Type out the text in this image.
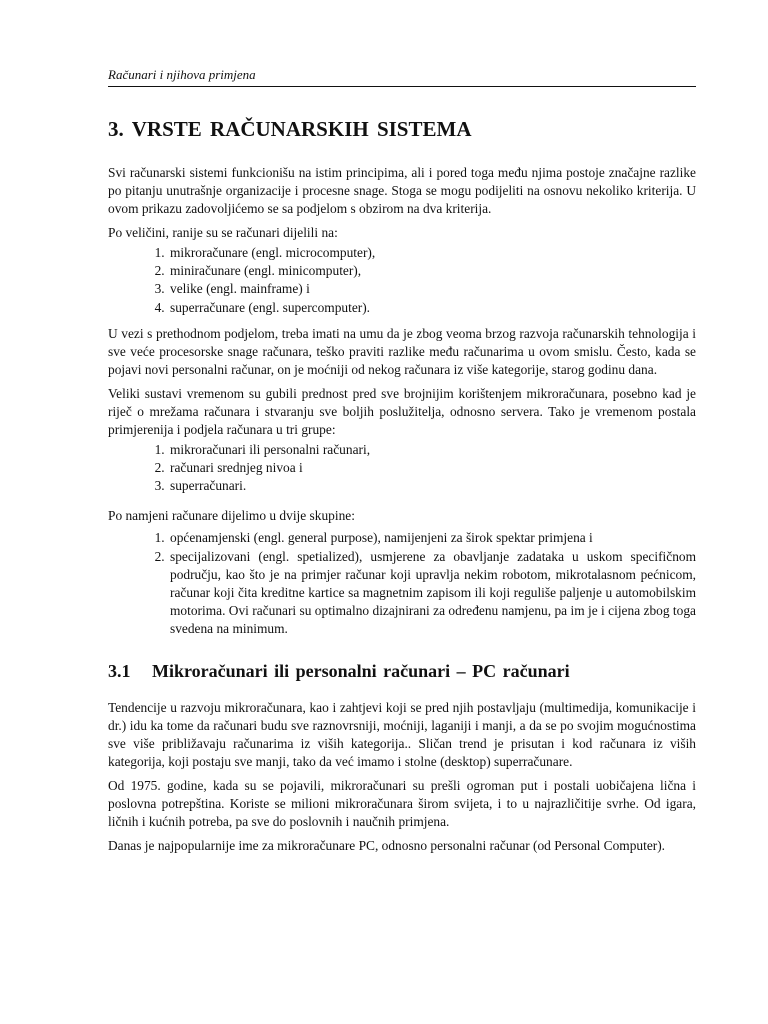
Računari i njihova primjena
3. VRSTE RAČUNARSKIH SISTEMA

Svi računarski sistemi funkcionišu na istim principima, ali i pored toga među njima postoje značajne razlike po pitanju unutrašnje organizacije i procesne snage. Stoga se mogu podijeliti na osnovu nekoliko kriterija. U ovom prikazu zadovoljićemo se sa podjelom s obzirom na dva kriterija.

Po veličini, ranije su se računari dijelili na:

1. mikroračunare (engl. microcomputer),
2. miniračunare (engl. minicomputer),
3. velike (engl. mainframe) i
4. superračunare (engl. supercomputer).

U vezi s prethodnom podjelom, treba imati na umu da je zbog veoma brzog razvoja računarskih tehnologija i sve veće procesorske snage računara, teško praviti razlike među računarima u ovom smislu. Često, kada se pojavi novi personalni računar, on je moćniji od nekog računara iz više kategorije, starog godinu dana.

Veliki sustavi vremenom su gubili prednost pred sve brojnijim korištenjem mikroračunara, posebno kad je riječ o mrežama računara i stvaranju sve boljih poslužitelja, odnosno servera. Tako je vremenom postala primjerenija i podjela računara u tri grupe:

1. mikroračunari ili personalni računari,
2. računari srednjeg nivoa i
3. superračunari.

Po namjeni računare dijelimo u dvije skupine:

1. općenamjenski (engl. general purpose), namijenjeni za širok spektar primjena i
2. specijalizovani (engl. spetialized), usmjerene za obavljanje zadataka u uskom specifičnom području, kao što je na primjer računar koji upravlja nekim robotom, mikrotalasnom pećnicom, računar koji čita kreditne kartice sa magnetnim zapisom ili koji reguliše paljenje u automobilskim motorima. Ovi računari su optimalno dizajnirani za određenu namjenu, pa im je i cijena zbog toga svedena na minimum.
3.1 Mikroračunari ili personalni računari – PC računari

Tendencije u razvoju mikroračunara, kao i zahtjevi koji se pred njih postavljaju (multimedija, komunikacije i dr.) idu ka tome da računari budu sve raznovrsniji, moćniji, laganiji i manji, a da se po svojim mogućnostima sve više približavaju računarima iz viših kategorija.. Sličan trend je prisutan i kod računara iz viših kategorija, koji postaju sve manji, tako da već imamo i stolne (desktop) superračunare.

Od 1975. godine, kada su se pojavili, mikroračunari su prešli ogroman put i postali uobičajena lična i poslovna potrepština. Koriste se milioni mikroračunara širom svijeta, i to u najrazličitije svrhe. Od igara, ličnih i kućnih potreba, pa sve do poslovnih i naučnih primjena.

Danas je najpopularnije ime za mikroračunare PC, odnosno personalni računar (od Personal Computer).
